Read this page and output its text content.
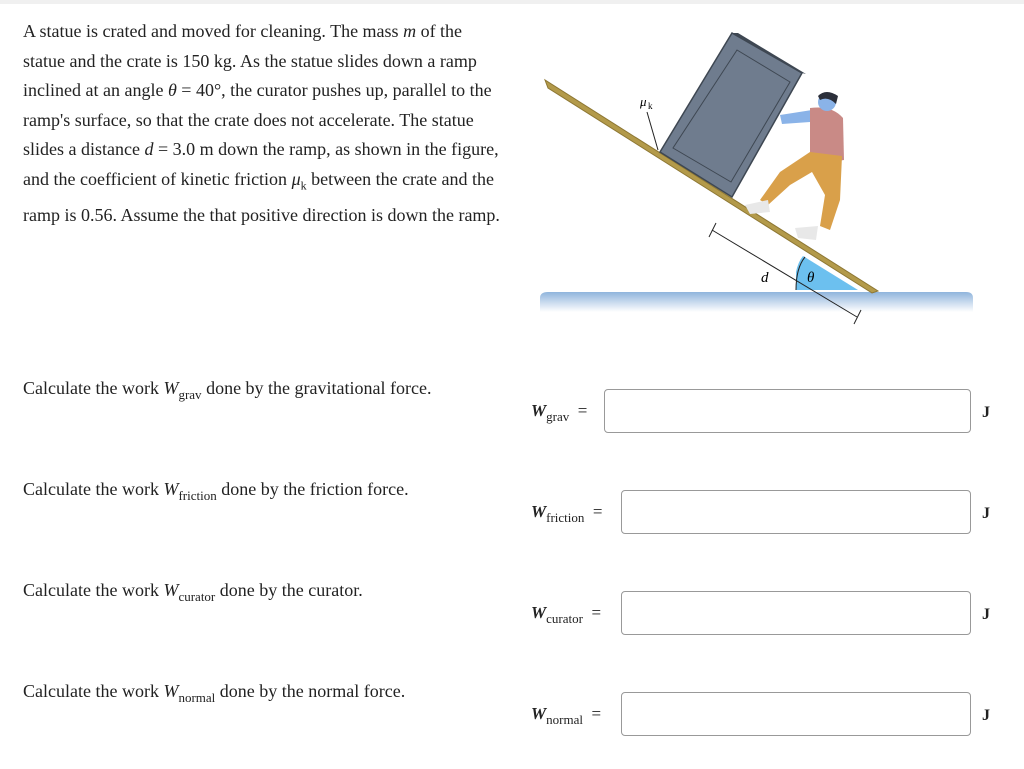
A statue is crated and moved for cleaning. The mass m of the statue and the crate is 150 kg. As the statue slides down a ramp inclined at an angle θ = 40°, the curator pushes up, parallel to the ramp's surface, so that the crate does not accelerate. The statue slides a distance d = 3.0 m down the ramp, as shown in the figure, and the coefficient of kinetic friction $\mu_k$ between the crate and the ramp is 0.56. Assume the that positive direction is down the ramp.
μ k
d	θ
Calculate the work $W_{grav}$ done by the gravitational force.
$W_{grav}$ =	J
Calculate the work $W_{friction}$ done by the friction force.
$W_{friction}$ =	J
Calculate the work $W_{curator}$ done by the curator.
$W_{curator}$ =	J
Calculate the work $W_{normal}$ done by the normal force.
$W_{normal}$ =	J
